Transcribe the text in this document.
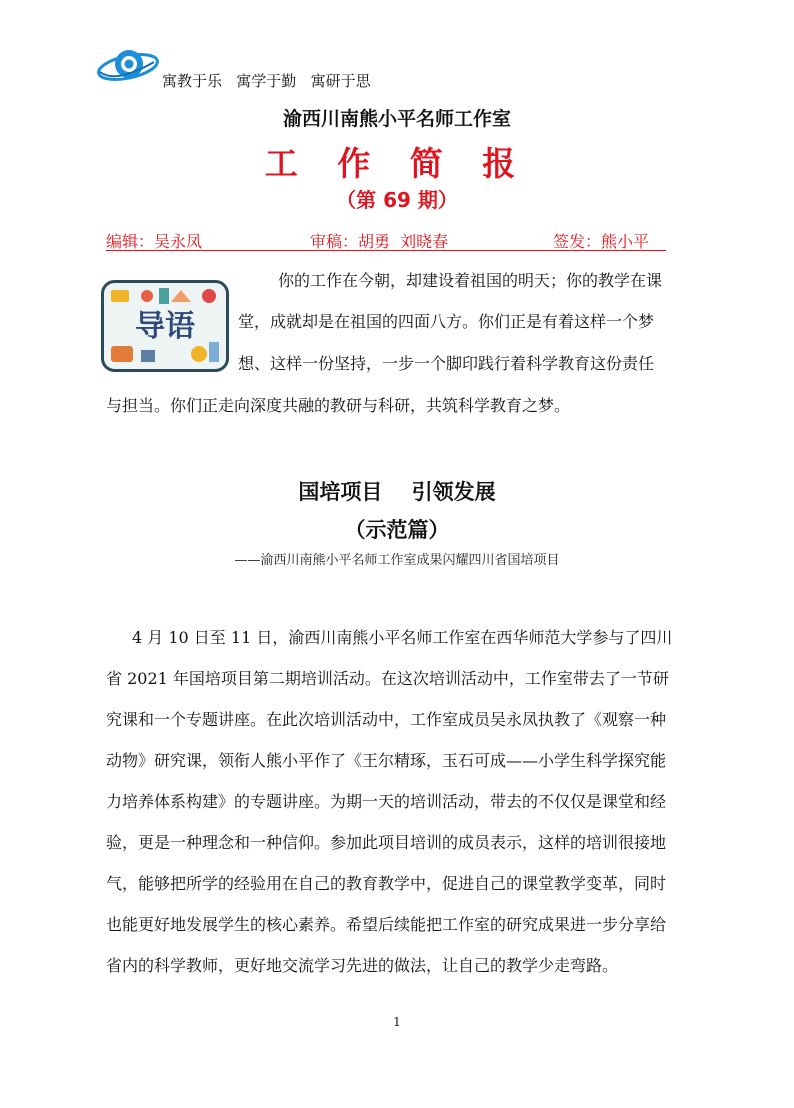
寓教于乐   寓学于勤   寓研于思
渝西川南熊小平名师工作室
工 作 简 报
（第 69 期）
编辑：吴永凤	审稿：胡勇  刘晓春	签发：熊小平
导语
你的工作在今朝，却建设着祖国的明天；你的教学在课
堂，成就却是在祖国的四面八方。你们正是有着这样一个梦
想、这样一份坚持，一步一个脚印践行着科学教育这份责任
与担当。你们正走向深度共融的教研与科研，共筑科学教育之梦。
国培项目    引领发展
（示范篇）
——渝西川南熊小平名师工作室成果闪耀四川省国培项目
4 月 10 日至 11 日，渝西川南熊小平名师工作室在西华师范大学参与了四川
省 2021 年国培项目第二期培训活动。在这次培训活动中，工作室带去了一节研
究课和一个专题讲座。在此次培训活动中，工作室成员吴永凤执教了《观察一种
动物》研究课，领衔人熊小平作了《王尔精琢，玉石可成——小学生科学探究能
力培养体系构建》的专题讲座。为期一天的培训活动，带去的不仅仅是课堂和经
验，更是一种理念和一种信仰。参加此项目培训的成员表示，这样的培训很接地
气，能够把所学的经验用在自己的教育教学中，促进自己的课堂教学变革，同时
也能更好地发展学生的核心素养。希望后续能把工作室的研究成果进一步分享给
省内的科学教师，更好地交流学习先进的做法，让自己的教学少走弯路。
1
